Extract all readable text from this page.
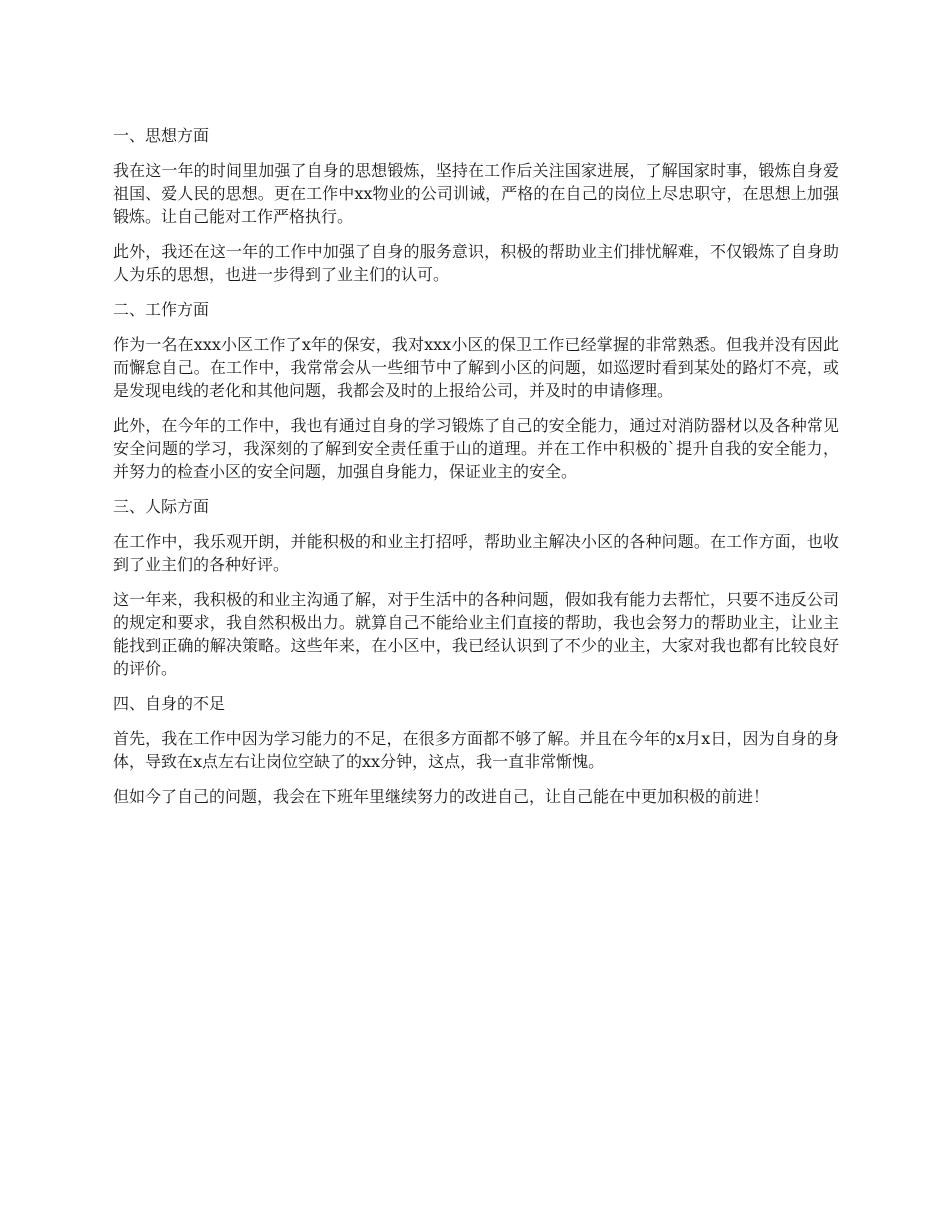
一、思想方面

我在这一年的时间里加强了自身的思想锻炼，坚持在工作后关注国家进展，了解国家时事，锻炼自身爱祖国、爱人民的思想。更在工作中xx物业的公司训诫，严格的在自己的岗位上尽忠职守，在思想上加强锻炼。让自己能对工作严格执行。

此外，我还在这一年的工作中加强了自身的服务意识，积极的帮助业主们排忧解难，不仅锻炼了自身助人为乐的思想，也进一步得到了业主们的认可。

二、工作方面

作为一名在xxx小区工作了x年的保安，我对xxx小区的保卫工作已经掌握的非常熟悉。但我并没有因此而懈怠自己。在工作中，我常常会从一些细节中了解到小区的问题，如巡逻时看到某处的路灯不亮，或是发现电线的老化和其他问题，我都会及时的上报给公司，并及时的申请修理。

此外，在今年的工作中，我也有通过自身的学习锻炼了自己的安全能力，通过对消防器材以及各种常见安全问题的学习，我深刻的了解到安全责任重于山的道理。并在工作中积极的`提升自我的安全能力，并努力的检查小区的安全问题，加强自身能力，保证业主的安全。

三、人际方面

在工作中，我乐观开朗，并能积极的和业主打招呼，帮助业主解决小区的各种问题。在工作方面，也收到了业主们的各种好评。

这一年来，我积极的和业主沟通了解，对于生活中的各种问题，假如我有能力去帮忙，只要不违反公司的规定和要求，我自然积极出力。就算自己不能给业主们直接的帮助，我也会努力的帮助业主，让业主能找到正确的解决策略。这些年来，在小区中，我已经认识到了不少的业主，大家对我也都有比较良好的评价。

四、自身的不足

首先，我在工作中因为学习能力的不足，在很多方面都不够了解。并且在今年的x月x日，因为自身的身体，导致在x点左右让岗位空缺了的xx分钟，这点，我一直非常惭愧。

但如今了自己的问题，我会在下班年里继续努力的改进自己，让自己能在中更加积极的前进！
